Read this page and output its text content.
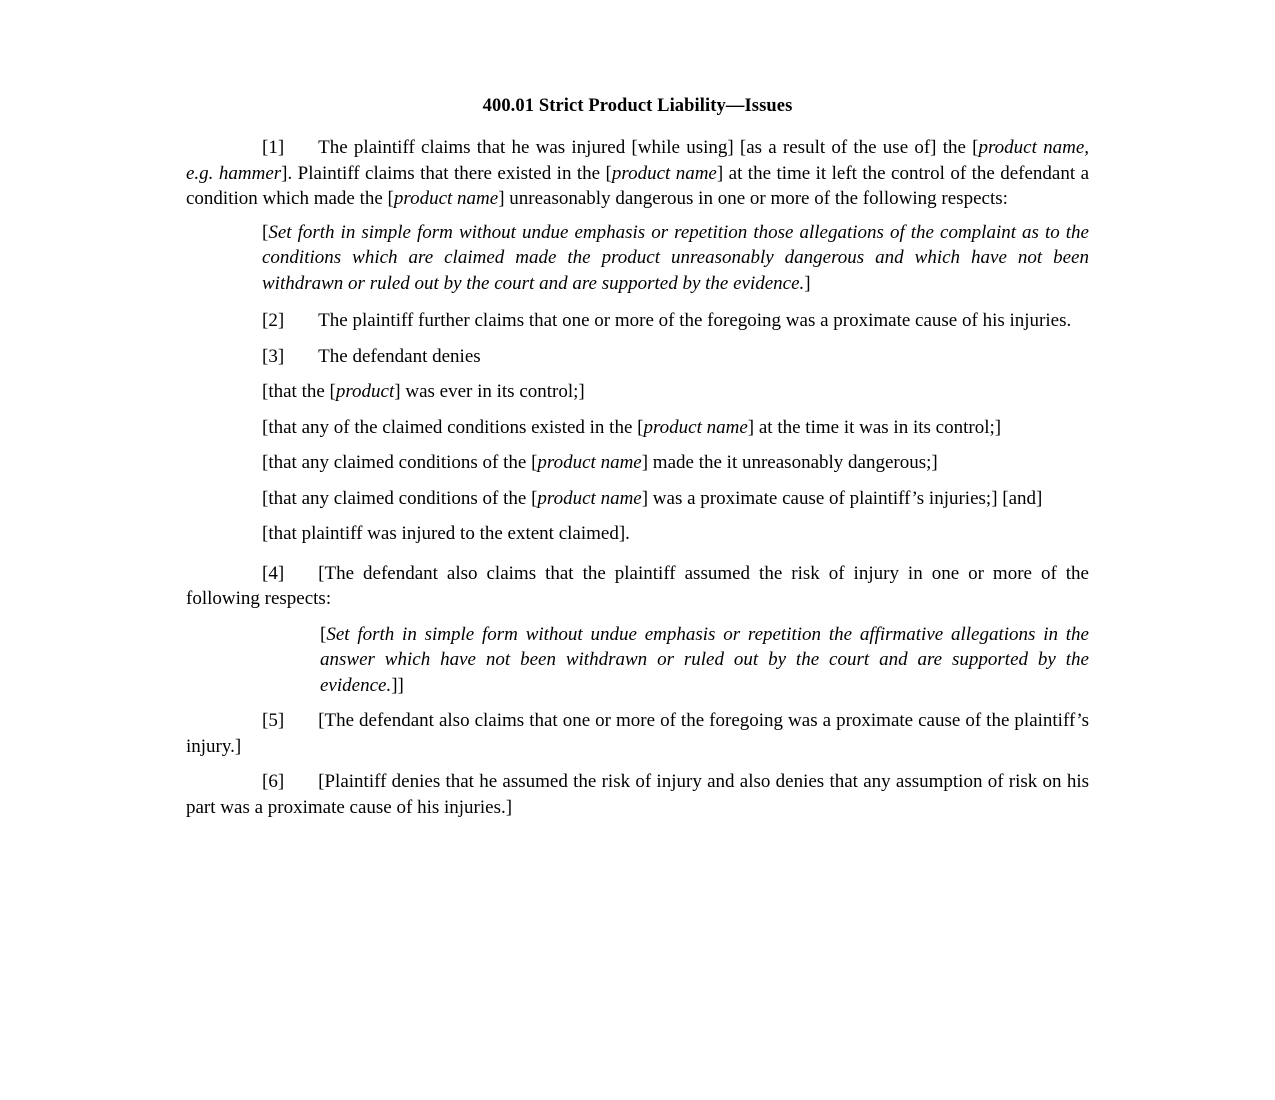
400.01 Strict Product Liability—Issues

[1] The plaintiff claims that he was injured [while using] [as a result of the use of] the [product name, e.g. hammer]. Plaintiff claims that there existed in the [product name] at the time it left the control of the defendant a condition which made the [product name] unreasonably dangerous in one or more of the following respects:

[Set forth in simple form without undue emphasis or repetition those allegations of the complaint as to the conditions which are claimed made the product unreasonably dangerous and which have not been withdrawn or ruled out by the court and are supported by the evidence.]

[2] The plaintiff further claims that one or more of the foregoing was a proximate cause of his injuries.

[3] The defendant denies

[that the [product] was ever in its control;]

[that any of the claimed conditions existed in the [product name] at the time it was in its control;]

[that any claimed conditions of the [product name] made the it unreasonably dangerous;]

[that any claimed conditions of the [product name] was a proximate cause of plaintiff’s injuries;] [and]

[that plaintiff was injured to the extent claimed].

[4] [The defendant also claims that the plaintiff assumed the risk of injury in one or more of the following respects:

[Set forth in simple form without undue emphasis or repetition the affirmative allegations in the answer which have not been withdrawn or ruled out by the court and are supported by the evidence.]]

[5] [The defendant also claims that one or more of the foregoing was a proximate cause of the plaintiff’s injury.]

[6] [Plaintiff denies that he assumed the risk of injury and also denies that any assumption of risk on his part was a proximate cause of his injuries.]
